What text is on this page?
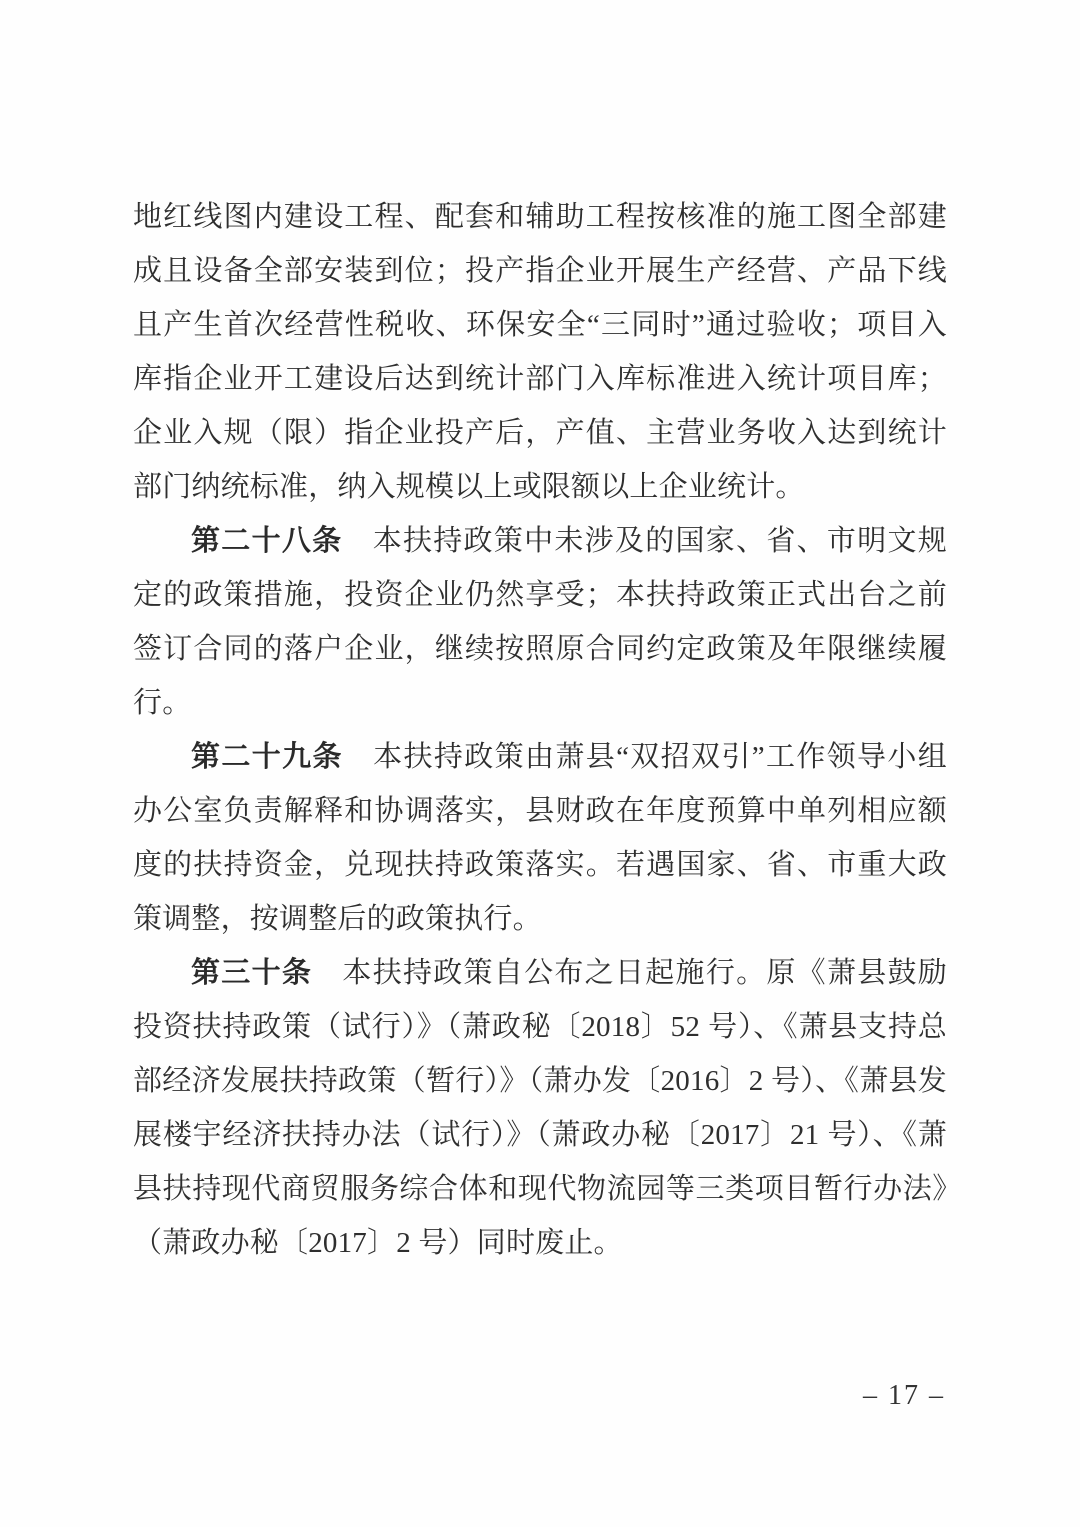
地红线图内建设工程、配套和辅助工程按核准的施工图全部建成且设备全部安装到位；投产指企业开展生产经营、产品下线且产生首次经营性税收、环保安全“三同时”通过验收；项目入库指企业开工建设后达到统计部门入库标准进入统计项目库；企业入规（限）指企业投产后，产值、主营业务收入达到统计部门纳统标准，纳入规模以上或限额以上企业统计。

第二十八条　本扶持政策中未涉及的国家、省、市明文规定的政策措施，投资企业仍然享受；本扶持政策正式出台之前签订合同的落户企业，继续按照原合同约定政策及年限继续履行。

第二十九条　本扶持政策由萧县“双招双引”工作领导小组办公室负责解释和协调落实，县财政在年度预算中单列相应额度的扶持资金，兑现扶持政策落实。若遇国家、省、市重大政策调整，按调整后的政策执行。

第三十条　本扶持政策自公布之日起施行。原《萧县鼓励投资扶持政策（试行）》（萧政秘〔2018〕52 号）、《萧县支持总部经济发展扶持政策（暂行）》（萧办发〔2016〕2 号）、《萧县发展楼宇经济扶持办法（试行）》（萧政办秘〔2017〕21 号）、《萧县扶持现代商贸服务综合体和现代物流园等三类项目暂行办法》（萧政办秘〔2017〕2 号）同时废止。

– 17 –
